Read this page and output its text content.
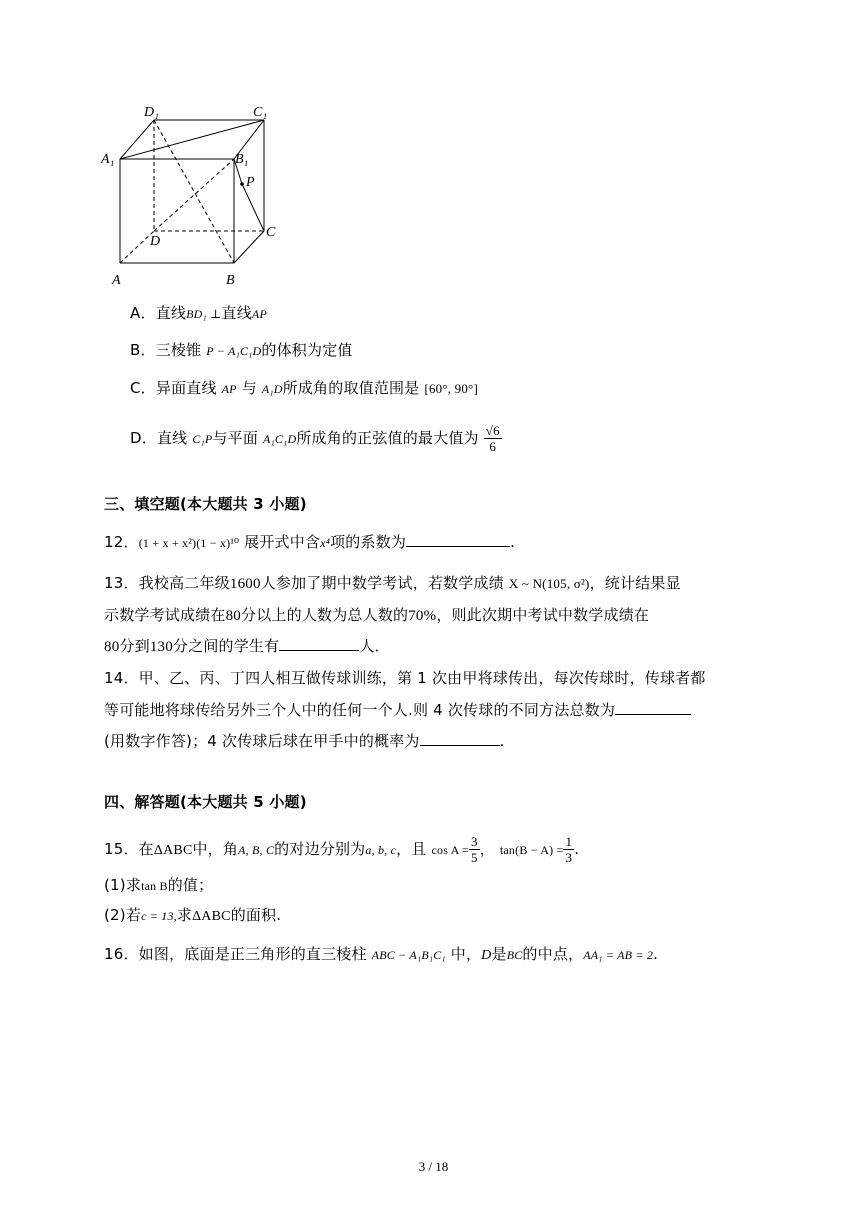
D₁	C₁
A₁	B₁
P
D
C
A	B
A．直线BD₁ ⊥直线AP
B．三棱锥 P − A₁C₁D的体积为定值
C．异面直线 AP 与 A₁D所成角的取值范围是 [60°, 90°]
D．直线 C₁P与平面 A₁C₁D所成角的正弦值的最大值为 $\frac{√6}{6}$
三、填空题(本大题共 3 小题)
12．(1 + x + x²)(1 − x)¹⁰ 展开式中含x⁴项的系数为	.
13．我校高二年级1600人参加了期中数学考试，若数学成绩 X ~ N(105, σ²)，统计结果显
示数学考试成绩在80分以上的人数为总人数的70%，则此次期中考试中数学成绩在
80分到130分之间的学生有	人．
14．甲、乙、丙、丁四人相互做传球训练，第 1 次由甲将球传出，每次传球时，传球者都
等可能地将球传给另外三个人中的任何一个人.则 4 次传球的不同方法总数为
(用数字作答)；4 次传球后球在甲手中的概率为	.
四、解答题(本大题共 5 小题)
15．在ΔABC中，角A, B, C的对边分别为a, b, c，且 $\cos A = \frac{3}{5}$ ， $\tan(B - A) = \frac{1}{3}$ .
(1)求tan B的值；
(2)若c = 13,求ΔABC的面积.
16．如图，底面是正三角形的直三棱柱 ABC − A₁B₁C₁ 中，D是BC的中点，AA₁ = AB = 2.
3 / 18
